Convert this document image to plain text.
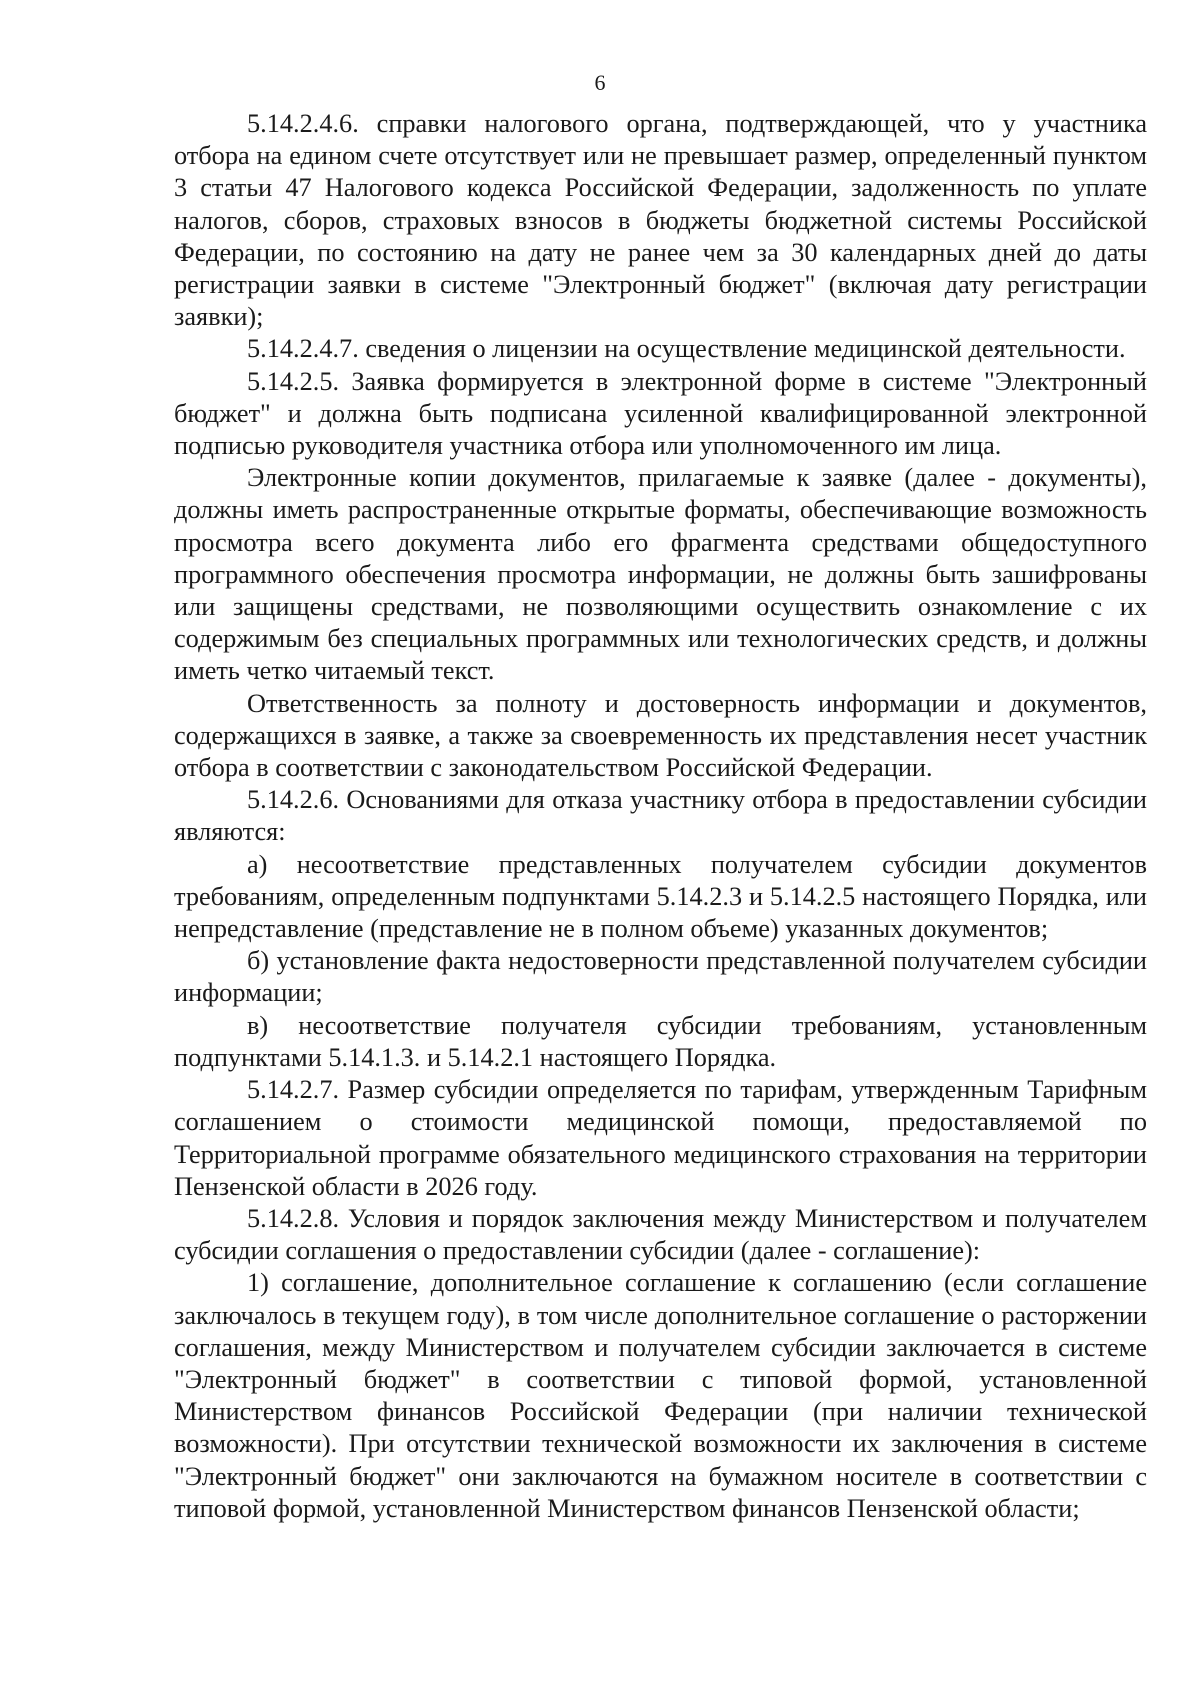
6

5.14.2.4.6. справки налогового органа, подтверждающей, что у участника отбора на едином счете отсутствует или не превышает размер, определенный пунктом 3 статьи 47 Налогового кодекса Российской Федерации, задолженность по уплате налогов, сборов, страховых взносов в бюджеты бюджетной системы Российской Федерации, по состоянию на дату не ранее чем за 30 календарных дней до даты регистрации заявки в системе "Электронный бюджет" (включая дату регистрации заявки);

5.14.2.4.7. сведения о лицензии на осуществление медицинской деятельности.

5.14.2.5. Заявка формируется в электронной форме в системе "Электронный бюджет" и должна быть подписана усиленной квалифицированной электронной подписью руководителя участника отбора или уполномоченного им лица.

Электронные копии документов, прилагаемые к заявке (далее - документы), должны иметь распространенные открытые форматы, обеспечивающие возможность просмотра всего документа либо его фрагмента средствами общедоступного программного обеспечения просмотра информации, не должны быть зашифрованы или защищены средствами, не позволяющими осуществить ознакомление с их содержимым без специальных программных или технологических средств, и должны иметь четко читаемый текст.

Ответственность за полноту и достоверность информации и документов, содержащихся в заявке, а также за своевременность их представления несет участник отбора в соответствии с законодательством Российской Федерации.

5.14.2.6. Основаниями для отказа участнику отбора в предоставлении субсидии являются:

а) несоответствие представленных получателем субсидии документов требованиям, определенным подпунктами 5.14.2.3 и 5.14.2.5 настоящего Порядка, или непредставление (представление не в полном объеме) указанных документов;

б) установление факта недостоверности представленной получателем субсидии информации;

в) несоответствие получателя субсидии требованиям, установленным подпунктами 5.14.1.3. и 5.14.2.1 настоящего Порядка.

5.14.2.7. Размер субсидии определяется по тарифам, утвержденным Тарифным соглашением о стоимости медицинской помощи, предоставляемой по Территориальной программе обязательного медицинского страхования на территории Пензенской области в 2026 году.

5.14.2.8. Условия и порядок заключения между Министерством и получателем субсидии соглашения о предоставлении субсидии (далее - соглашение):

1) соглашение, дополнительное соглашение к соглашению (если соглашение заключалось в текущем году), в том числе дополнительное соглашение о расторжении соглашения, между Министерством и получателем субсидии заключается в системе "Электронный бюджет" в соответствии с типовой формой, установленной Министерством финансов Российской Федерации (при наличии технической возможности). При отсутствии технической возможности их заключения в системе "Электронный бюджет" они заключаются на бумажном носителе в соответствии с типовой формой, установленной Министерством финансов Пензенской области;
